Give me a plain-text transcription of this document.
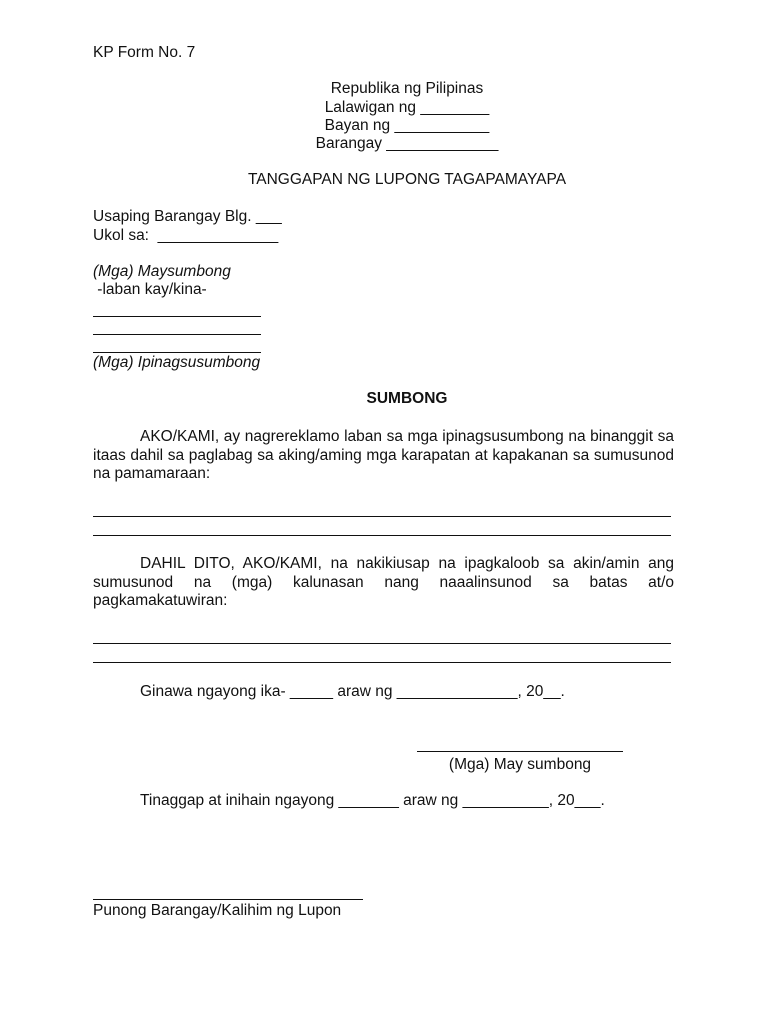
KP Form No. 7
Republika ng Pilipinas
Lalawigan ng ________
Bayan ng ___________
Barangay _____________
TANGGAPAN NG LUPONG TAGAPAMAYAPA
Usaping Barangay Blg. ___
Ukol sa:  ______________
(Mga) Maysumbong
-laban kay/kina-
(Mga) Ipinagsusumbong
SUMBONG
AKO/KAMI, ay nagrereklamo laban sa mga ipinagsusumbong na binanggit sa itaas dahil sa paglabag sa aking/aming mga karapatan at kapakanan sa sumusunod na pamamaraan:
DAHIL DITO, AKO/KAMI, na nakikiusap na ipagkaloob sa akin/amin ang sumusunod na (mga) kalunasan nang naaalinsunod sa batas at/o pagkamakatuwiran:
Ginawa ngayong ika- _____ araw ng ______________, 20__.
(Mga) May sumbong
Tinaggap at inihain ngayong _______ araw ng __________, 20___.
Punong Barangay/Kalihim ng Lupon
